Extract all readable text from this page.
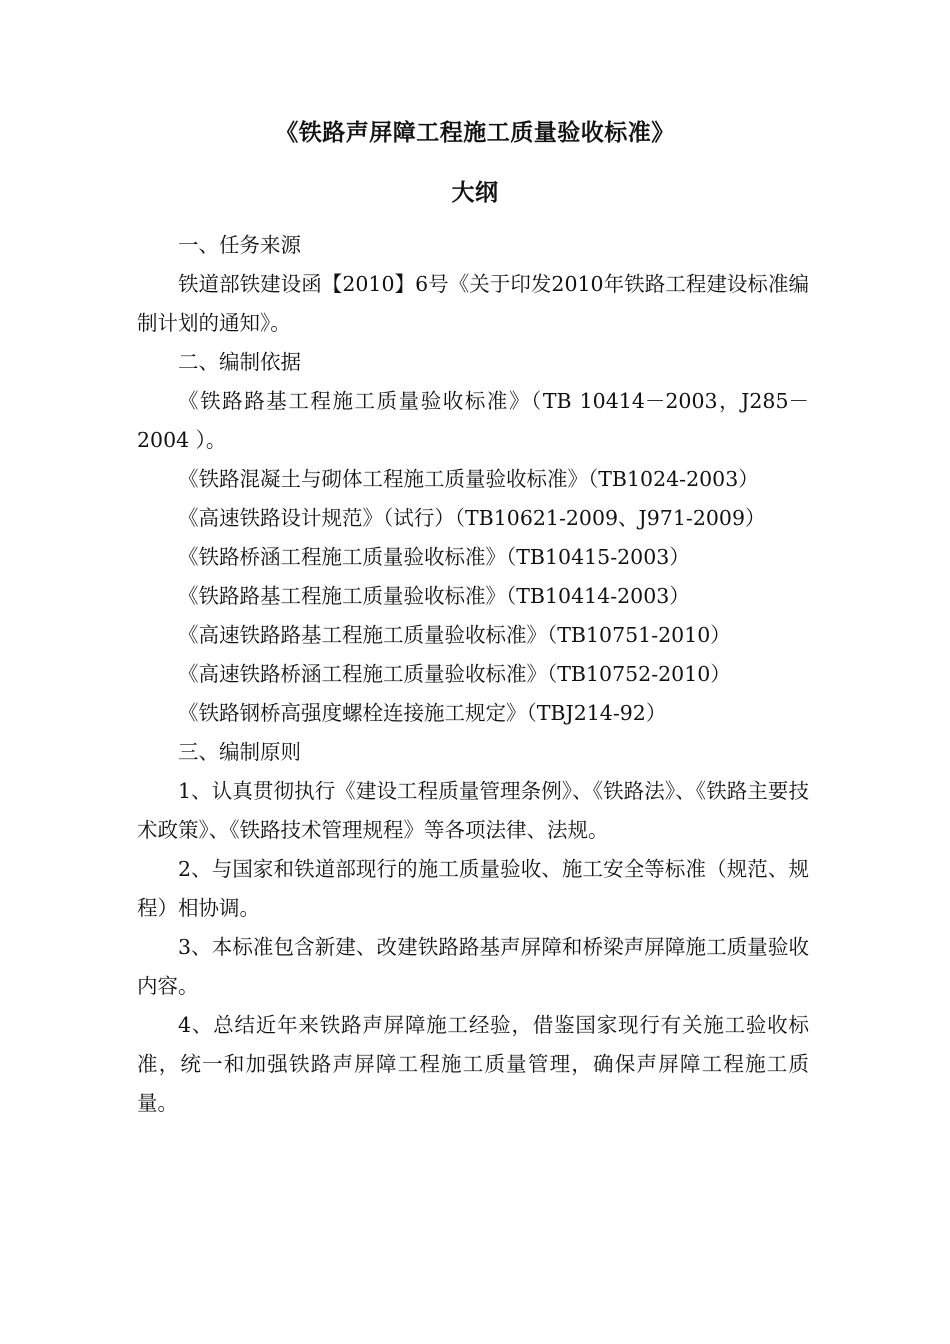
《铁路声屏障工程施工质量验收标准》
大纲

一、任务来源

铁道部铁建设函【2010】6号《关于印发2010年铁路工程建设标准编制计划的通知》。

二、编制依据

《铁路路基工程施工质量验收标准》（TB 10414－2003，J285－2004 ）。

《铁路混凝土与砌体工程施工质量验收标准》（TB1024-2003）

《高速铁路设计规范》（试行）（TB10621-2009、J971-2009）

《铁路桥涵工程施工质量验收标准》（TB10415-2003）

《铁路路基工程施工质量验收标准》（TB10414-2003）

《高速铁路路基工程施工质量验收标准》（TB10751-2010）

《高速铁路桥涵工程施工质量验收标准》（TB10752-2010）

《铁路钢桥高强度螺栓连接施工规定》（TBJ214-92）

三、编制原则

1、认真贯彻执行《建设工程质量管理条例》、《铁路法》、《铁路主要技术政策》、《铁路技术管理规程》等各项法律、法规。

2、与国家和铁道部现行的施工质量验收、施工安全等标准（规范、规程）相协调。

3、本标准包含新建、改建铁路路基声屏障和桥梁声屏障施工质量验收内容。

4、总结近年来铁路声屏障施工经验，借鉴国家现行有关施工验收标准，统一和加强铁路声屏障工程施工质量管理，确保声屏障工程施工质量。
